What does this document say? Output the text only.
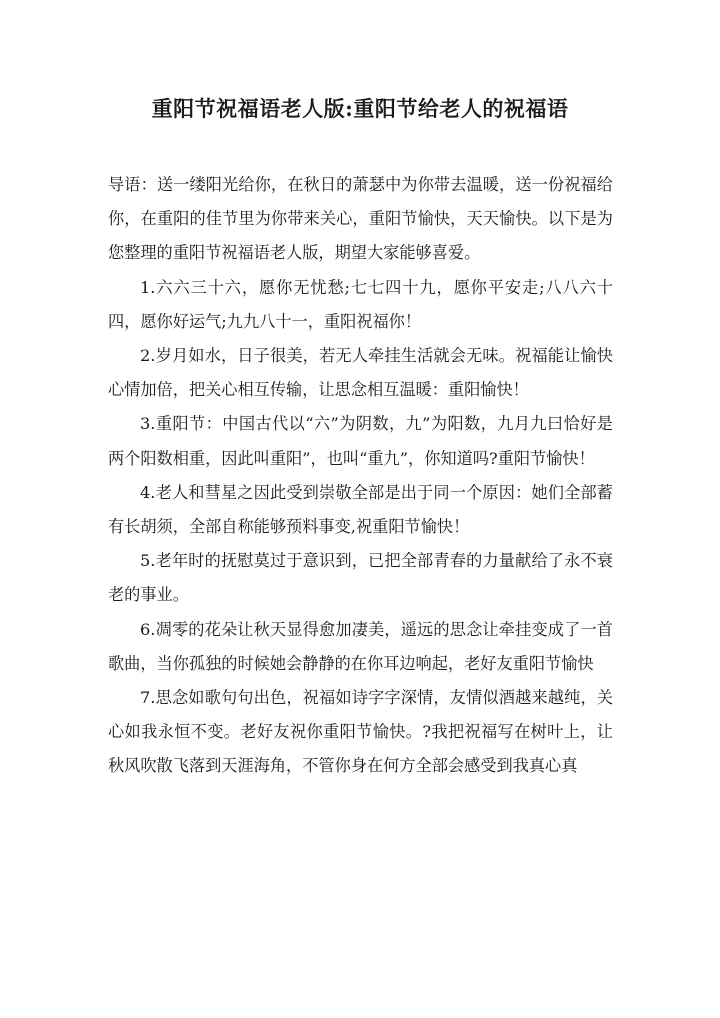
重阳节祝福语老人版:重阳节给老人的祝福语

导语：送一缕阳光给你，在秋日的萧瑟中为你带去温暖，送一份祝福给你，在重阳的佳节里为你带来关心，重阳节愉快，天天愉快。以下是为您整理的重阳节祝福语老人版，期望大家能够喜爱。

1.六六三十六，愿你无忧愁;七七四十九，愿你平安走;八八六十四，愿你好运气;九九八十一，重阳祝福你！

2.岁月如水，日子很美，若无人牵挂生活就会无味。祝福能让愉快心情加倍，把关心相互传输，让思念相互温暖：重阳愉快！

3.重阳节：中国古代以“六”为阴数，九”为阳数，九月九曰恰好是两个阳数相重，因此叫重阳”，也叫“重九”，你知道吗?重阳节愉快！

4.老人和彗星之因此受到崇敬全部是出于同一个原因：她们全部蓄有长胡须，全部自称能够预料事变,祝重阳节愉快！

5.老年时的抚慰莫过于意识到，已把全部青春的力量献给了永不衰老的事业。

6.凋零的花朵让秋天显得愈加凄美，遥远的思念让牵挂变成了一首歌曲，当你孤独的时候她会静静的在你耳边响起，老好友重阳节愉快

7.思念如歌句句出色，祝福如诗字字深情，友情似酒越来越纯，关心如我永恒不变。老好友祝你重阳节愉快。?我把祝福写在树叶上，让秋风吹散飞落到天涯海角，不管你身在何方全部会感受到我真心真
